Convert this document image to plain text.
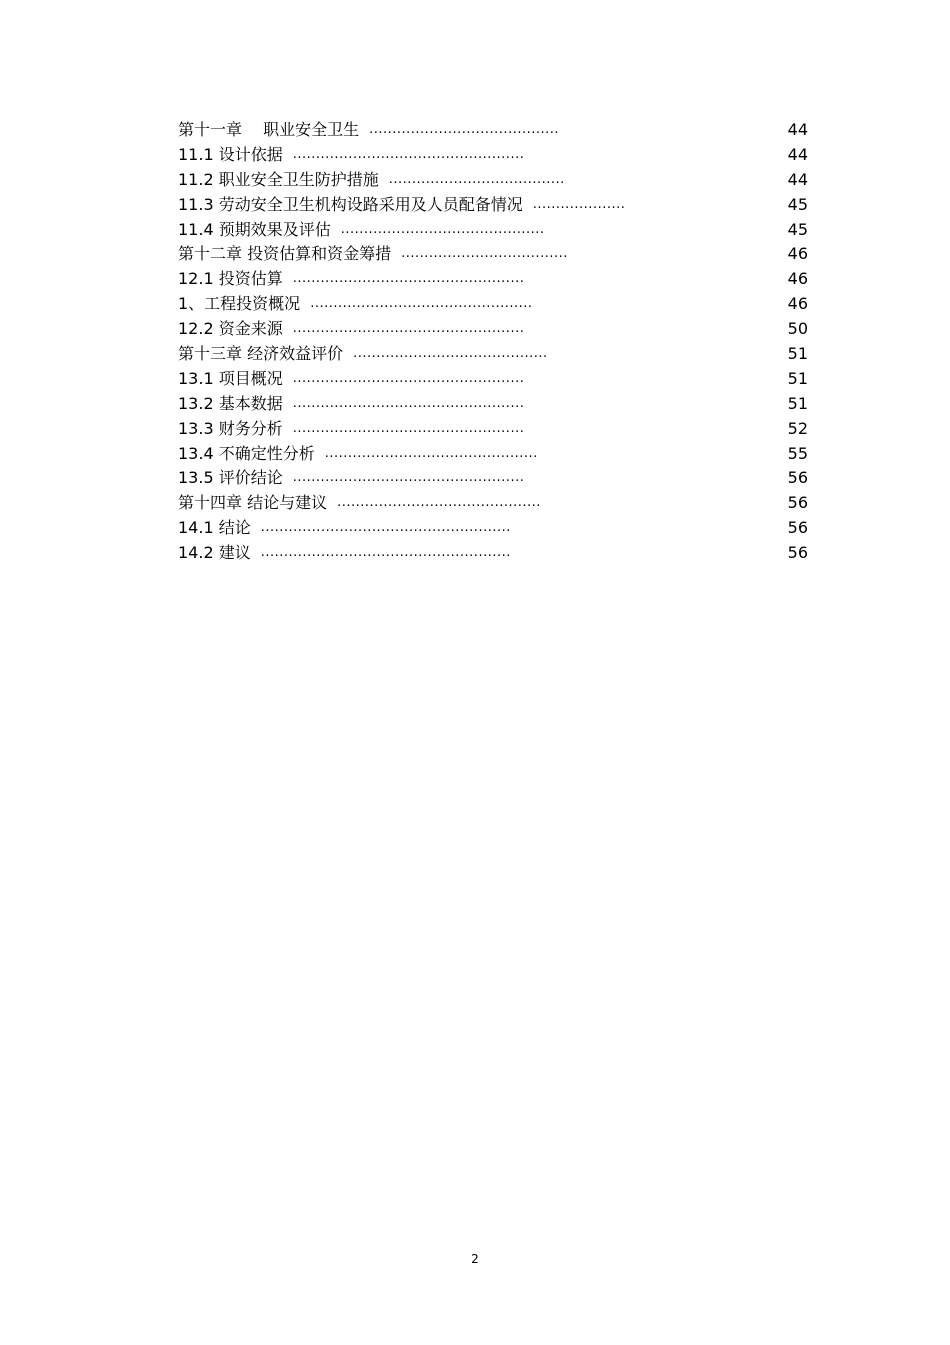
第十一章　 职业安全卫生 .........................................	44
11.1 设计依据 ..................................................	44
11.2 职业安全卫生防护措施 ......................................	44
11.3 劳动安全卫生机构设路采用及人员配备情况 ....................	45
11.4 预期效果及评估 ............................................	45
第十二章 投资估算和资金筹措 ....................................	46
12.1 投资估算 ..................................................	46
1、工程投资概况 ................................................	46
12.2 资金来源 ..................................................	50
第十三章 经济效益评价 ..........................................	51
13.1 项目概况 ..................................................	51
13.2 基本数据 ..................................................	51
13.3 财务分析 ..................................................	52
13.4 不确定性分析 ..............................................	55
13.5 评价结论 ..................................................	56
第十四章 结论与建议 ............................................	56
14.1 结论 ......................................................	56
14.2 建议 ......................................................	56
2
